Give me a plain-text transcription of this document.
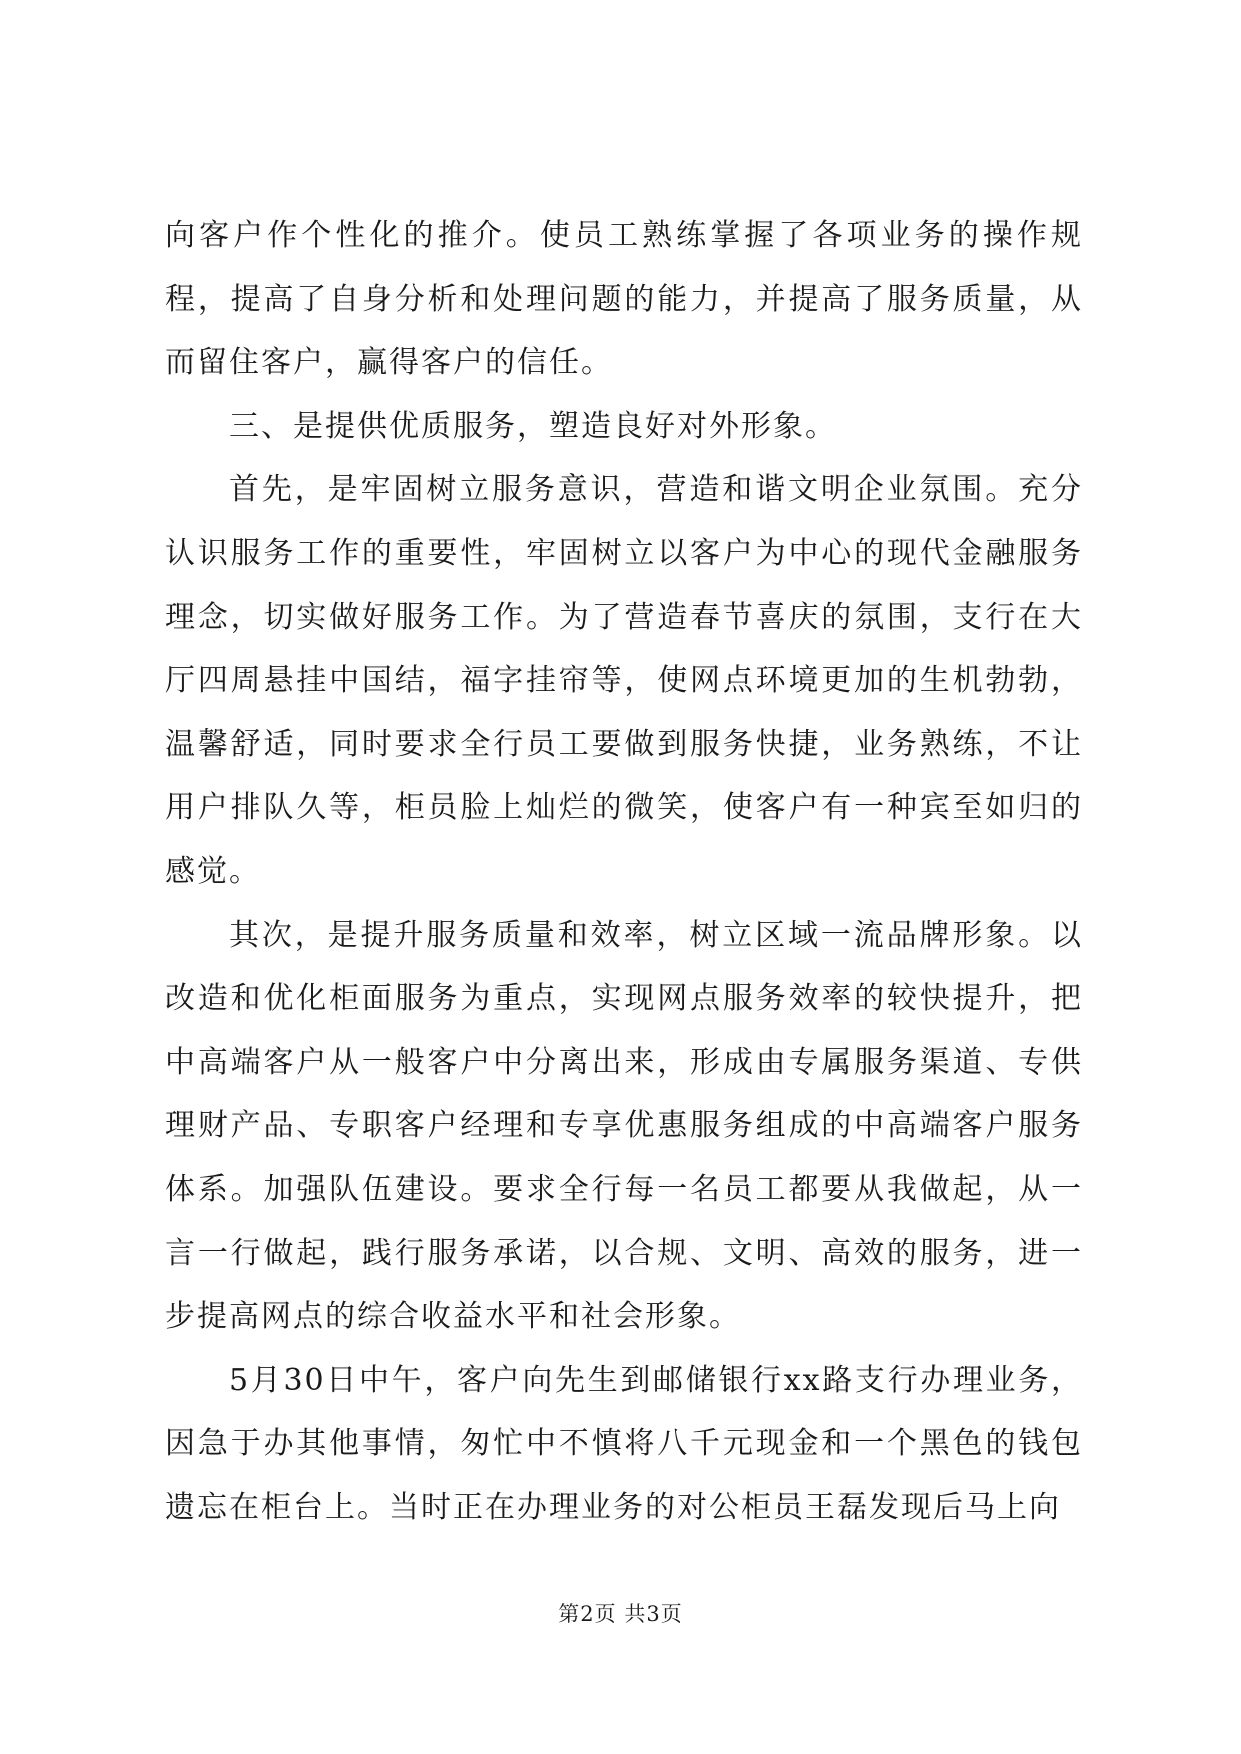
向客户作个性化的推介。使员工熟练掌握了各项业务的操作规程，提高了自身分析和处理问题的能力，并提高了服务质量，从而留住客户，赢得客户的信任。

三、是提供优质服务，塑造良好对外形象。

首先，是牢固树立服务意识，营造和谐文明企业氛围。充分认识服务工作的重要性，牢固树立以客户为中心的现代金融服务理念，切实做好服务工作。为了营造春节喜庆的氛围，支行在大厅四周悬挂中国结，福字挂帘等，使网点环境更加的生机勃勃，温馨舒适，同时要求全行员工要做到服务快捷，业务熟练，不让用户排队久等，柜员脸上灿烂的微笑，使客户有一种宾至如归的感觉。

其次，是提升服务质量和效率，树立区域一流品牌形象。以改造和优化柜面服务为重点，实现网点服务效率的较快提升，把中高端客户从一般客户中分离出来，形成由专属服务渠道、专供理财产品、专职客户经理和专享优惠服务组成的中高端客户服务体系。加强队伍建设。要求全行每一名员工都要从我做起，从一言一行做起，践行服务承诺，以合规、文明、高效的服务，进一步提高网点的综合收益水平和社会形象。

5月30日中午，客户向先生到邮储银行xx路支行办理业务，因急于办其他事情，匆忙中不慎将八千元现金和一个黑色的钱包遗忘在柜台上。当时正在办理业务的对公柜员王磊发现后马上向

第2页 共3页
